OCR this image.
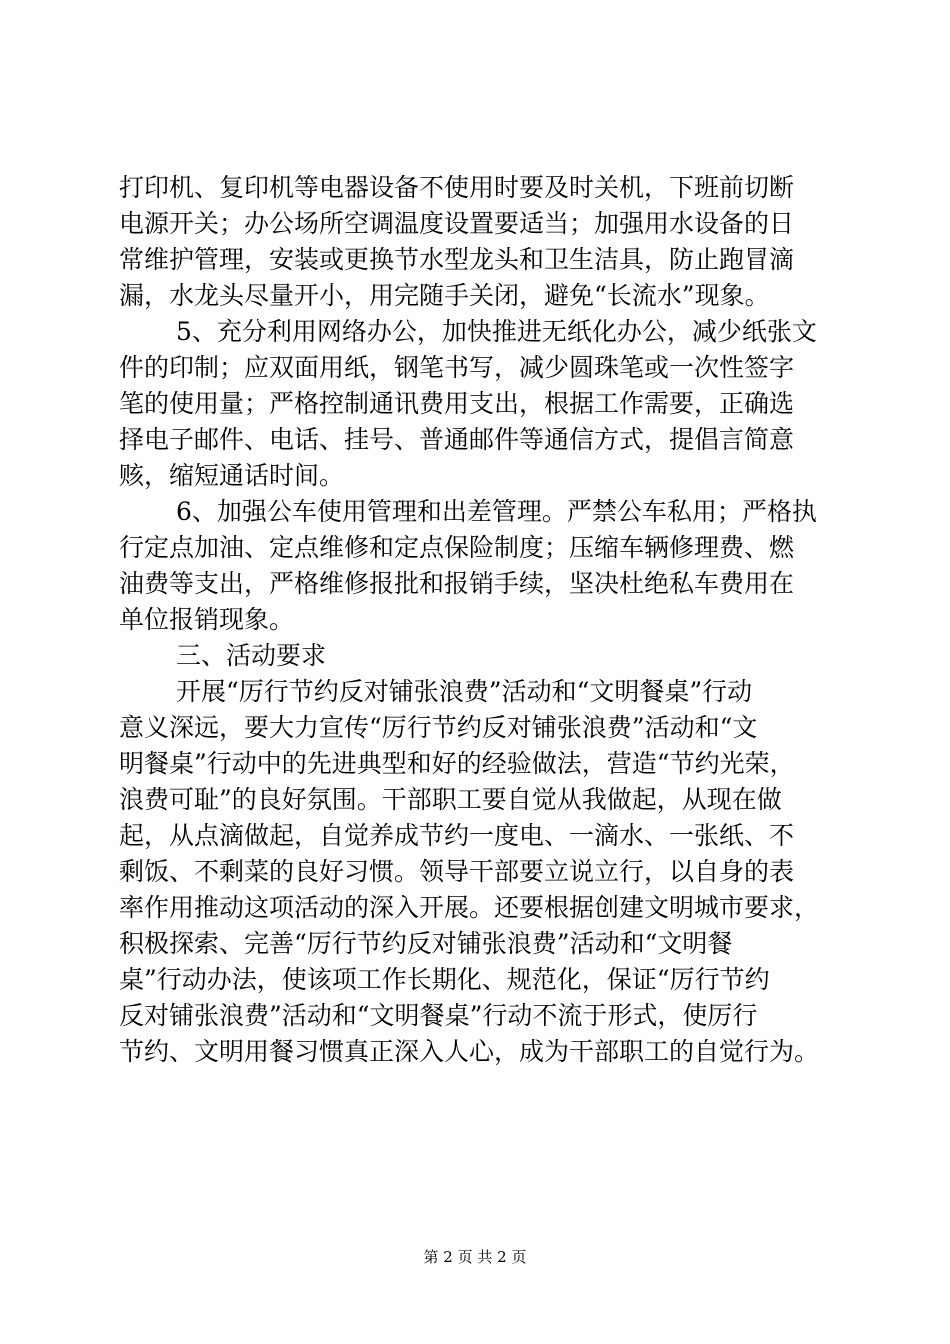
打印机、复印机等电器设备不使用时要及时关机，下班前切断
电源开关；办公场所空调温度设置要适当；加强用水设备的日
常维护管理，安装或更换节水型龙头和卫生洁具，防止跑冒滴
漏，水龙头尽量开小，用完随手关闭，避免“长流水”现象。
5、充分利用网络办公，加快推进无纸化办公，减少纸张文
件的印制；应双面用纸，钢笔书写，减少圆珠笔或一次性签字
笔的使用量；严格控制通讯费用支出，根据工作需要，正确选
择电子邮件、电话、挂号、普通邮件等通信方式，提倡言简意
赅，缩短通话时间。
6、加强公车使用管理和出差管理。严禁公车私用；严格执
行定点加油、定点维修和定点保险制度；压缩车辆修理费、燃
油费等支出，严格维修报批和报销手续，坚决杜绝私车费用在
单位报销现象。
三、活动要求
开展“厉行节约反对铺张浪费”活动和“文明餐桌”行动
意义深远，要大力宣传“厉行节约反对铺张浪费”活动和“文
明餐桌”行动中的先进典型和好的经验做法，营造“节约光荣，
浪费可耻”的良好氛围。干部职工要自觉从我做起，从现在做
起，从点滴做起，自觉养成节约一度电、一滴水、一张纸、不
剩饭、不剩菜的良好习惯。领导干部要立说立行，以自身的表
率作用推动这项活动的深入开展。还要根据创建文明城市要求，
积极探索、完善“厉行节约反对铺张浪费”活动和“文明餐
桌”行动办法，使该项工作长期化、规范化，保证“厉行节约
反对铺张浪费”活动和“文明餐桌”行动不流于形式，使厉行
节约、文明用餐习惯真正深入人心，成为干部职工的自觉行为。
第 2 页 共 2 页
